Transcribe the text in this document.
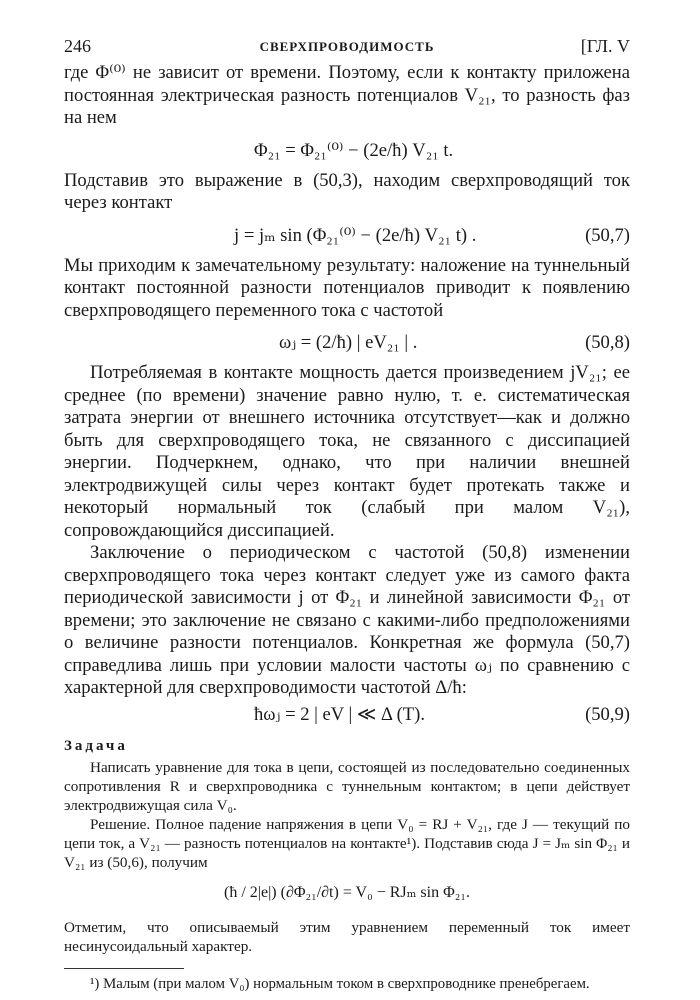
246	СВЕРХПРОВОДИМОСТЬ	[ГЛ. V

где Φ⁽⁰⁾ не зависит от времени. Поэтому, если к контакту приложена постоянная электрическая разность потенциалов V₂₁, то разность фаз на нем

Φ₂₁ = Φ₂₁⁽⁰⁾ − (2e/ħ) V₂₁ t.

Подставив это выражение в (50,3), находим сверхпроводящий ток через контакт

j = jₘ sin (Φ₂₁⁽⁰⁾ − (2e/ħ) V₂₁ t) .	(50,7)

Мы приходим к замечательному результату: наложение на туннельный контакт постоянной разности потенциалов приводит к появлению сверхпроводящего переменного тока с частотой

ωⱼ = (2/ħ) | eV₂₁ | .	(50,8)

Потребляемая в контакте мощность дается произведением jV₂₁; ее среднее (по времени) значение равно нулю, т. е. систематическая затрата энергии от внешнего источника отсутствует—как и должно быть для сверхпроводящего тока, не связанного с диссипацией энергии. Подчеркнем, однако, что при наличии внешней электродвижущей силы через контакт будет протекать также и некоторый нормальный ток (слабый при малом V₂₁), сопровождающийся диссипацией.

Заключение о периодическом с частотой (50,8) изменении сверхпроводящего тока через контакт следует уже из самого факта периодической зависимости j от Φ₂₁ и линейной зависимости Φ₂₁ от времени; это заключение не связано с какими-либо предположениями о величине разности потенциалов. Конкретная же формула (50,7) справедлива лишь при условии малости частоты ωⱼ по сравнению с характерной для сверхпроводимости частотой Δ/ħ:

ħωⱼ = 2 | eV | ≪ Δ (T).	(50,9)
Задача

Написать уравнение для тока в цепи, состоящей из последовательно соединенных сопротивления R и сверхпроводника с туннельным контактом; в цепи действует электродвижущая сила V₀.

Решение. Полное падение напряжения в цепи V₀ = RJ + V₂₁, где J — текущий по цепи ток, а V₂₁ — разность потенциалов на контакте¹). Подставив сюда J = Jₘ sin Φ₂₁ и V₂₁ из (50,6), получим

(ħ / 2|e|) (∂Φ₂₁/∂t) = V₀ − RJₘ sin Φ₂₁.

Отметим, что описываемый этим уравнением переменный ток имеет несинусоидальный характер.

¹) Малым (при малом V₀) нормальным током в сверхпроводнике пренебрегаем.
